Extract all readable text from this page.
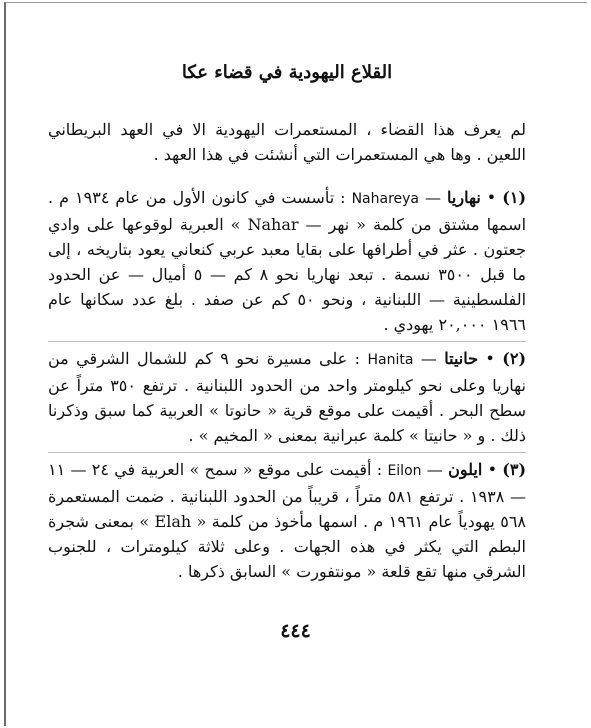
القلاع اليهودية في قضاء عكا

لم يعرف هذا القضاء ، المستعمرات اليهودية الا في العهد البريطاني اللعين . وها هي المستعمرات التي أنشئت في هذا العهد .

(١) • نهاريا — Nahareya : تأسست في كانون الأول من عام ١٩٣٤ م . اسمها مشتق من كلمة « نهر — Nahar » العبرية لوقوعها على وادي جعتون . عثر في أطرافها على بقايا معبد عربي كنعاني يعود بتاريخه ، إلى ما قبل ٣٥٠٠ نسمة . تبعد نهاريا نحو ٨ كم — ٥ أميال — عن الحدود الفلسطينية — اللبنانية ، ونحو ٥٠ كم عن صفد . بلغ عدد سكانها عام ١٩٦٦ ٢٠,٠٠٠ يهودي .

(٢) • حانيتا — Hanita : على مسيرة نحو ٩ كم للشمال الشرقي من نهاريا وعلى نحو كيلومتر واحد من الحدود اللبنانية . ترتفع ٣٥٠ متراً عن سطح البحر . أقيمت على موقع قرية « حانوتا » العربية كما سبق وذكرنا ذلك . و « حانيتا » كلمة عبرانية بمعنى « المخيم » .

(٣) • ايلون — Eilon : أقيمت على موقع « سمح » العربية في ٢٤ — ١١ — ١٩٣٨ . ترتفع ٥٨١ متراً ، قريباً من الحدود اللبنانية . ضمت المستعمرة ٥٦٨ يهودياً عام ١٩٦١ م . اسمها مأخوذ من كلمة « Elah » بمعنى شجرة البطم التي يكثر في هذه الجهات . وعلى ثلاثة كيلومترات ، للجنوب الشرقي منها تقع قلعة « مونتفورت » السابق ذكرها .

٤٤٤
